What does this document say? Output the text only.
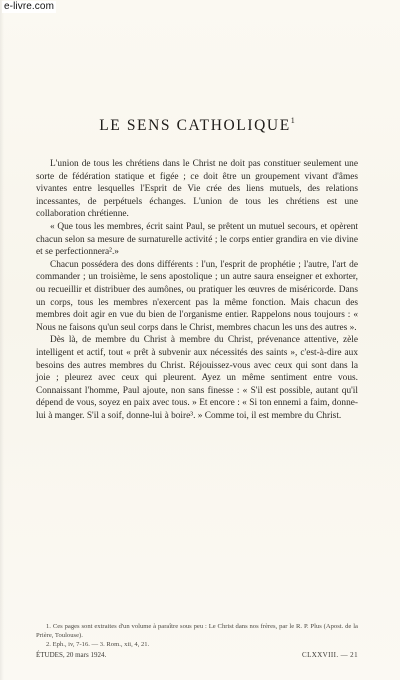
e-livre.com
LE SENS CATHOLIQUE$^1$

L'union de tous les chrétiens dans le Christ ne doit pas constituer seulement une sorte de fédération statique et figée ; ce doit être un groupement vivant d'âmes vivantes entre lesquelles l'Esprit de Vie crée des liens mutuels, des relations incessantes, de perpétuels échanges. L'union de tous les chrétiens est une collaboration chrétienne.

« Que tous les membres, écrit saint Paul, se prêtent un mutuel secours, et opèrent chacun selon sa mesure de surnaturelle activité ; le corps entier grandira en vie divine et se perfectionnera².»

Chacun possédera des dons différents : l'un, l'esprit de prophétie ; l'autre, l'art de commander ; un troisième, le sens apostolique ; un autre saura enseigner et exhorter, ou recueillir et distribuer des aumônes, ou pratiquer les œuvres de miséricorde. Dans un corps, tous les membres n'exercent pas la même fonction. Mais chacun des membres doit agir en vue du bien de l'organisme entier. Rappelons nous toujours : « Nous ne faisons qu'un seul corps dans le Christ, membres chacun les uns des autres ».

Dès là, de membre du Christ à membre du Christ, prévenance attentive, zèle intelligent et actif, tout « prêt à subvenir aux nécessités des saints », c'est-à-dire aux besoins des autres membres du Christ. Réjouissez-vous avec ceux qui sont dans la joie ; pleurez avec ceux qui pleurent. Ayez un même sentiment entre vous. Connaissant l'homme, Paul ajoute, non sans finesse : « S'il est possible, autant qu'il dépend de vous, soyez en paix avec tous. » Et encore : « Si ton ennemi a faim, donne-lui à manger. S'il a soif, donne-lui à boire³. » Comme toi, il est membre du Christ.

1. Ces pages sont extraites d'un volume à paraître sous peu : Le Christ dans nos frères, par le R. P. Plus (Apost. de la Prière, Toulouse).

2. Eph., iv, 7-16. — 3. Rom., xii, 4, 21.

ÉTUDES, 20 mars 1924.	CLXXVIII. — 21
